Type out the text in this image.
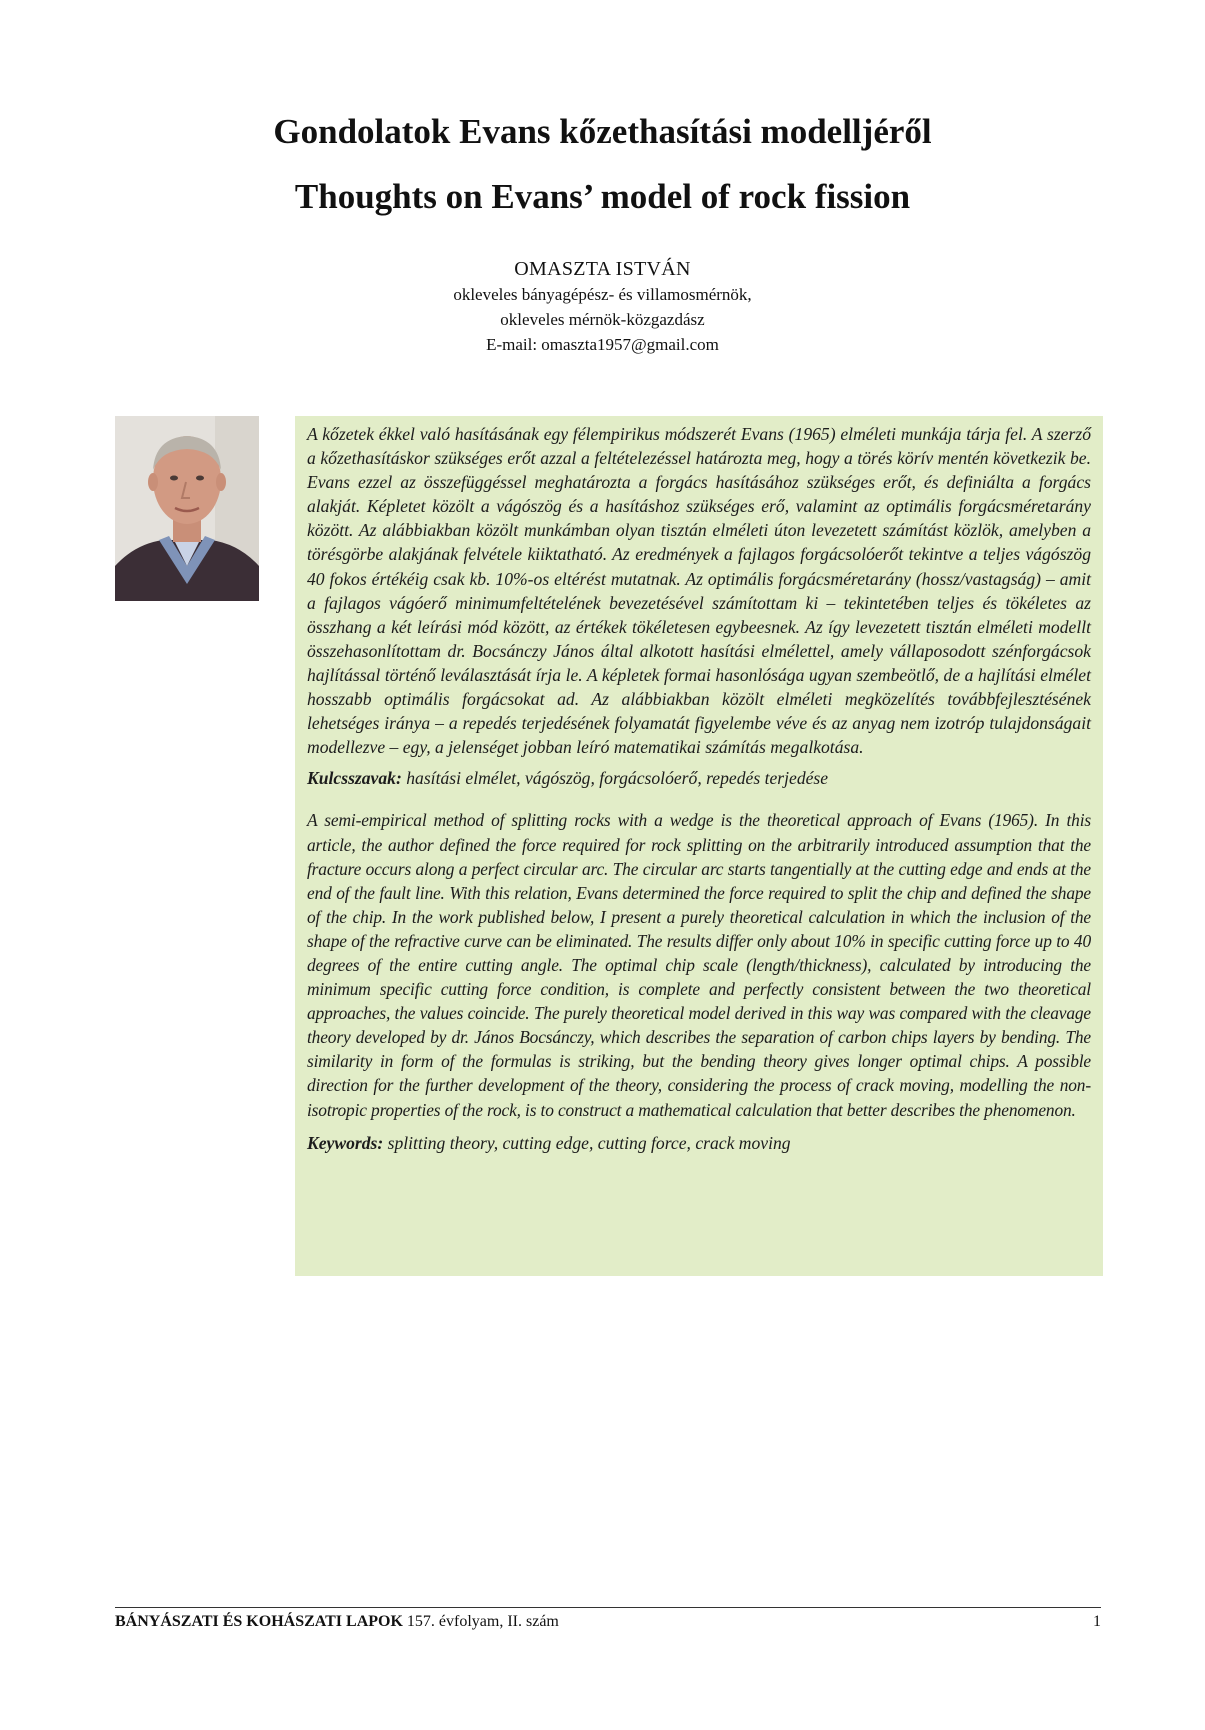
Gondolatok Evans kőzethasítási modelljéről
Thoughts on Evans’ model of rock fission
OMASZTA ISTVÁN
okleveles bányagépész- és villamosmérnök,
okleveles mérnök-közgazdász
E-mail: omaszta1957@gmail.com

A kőzetek ékkel való hasításának egy félempirikus módszerét Evans (1965) elméleti munkája tárja fel. A szerző a kőzethasításkor szükséges erőt azzal a feltételezéssel határozta meg, hogy a törés körív mentén következik be. Evans ezzel az összefüggéssel meghatározta a forgács hasításához szükséges erőt, és definiálta a forgács alakját. Képletet közölt a vágószög és a hasításhoz szükséges erő, valamint az optimális forgácsméretarány között. Az alábbiakban közölt munkámban olyan tisztán elméleti úton levezetett számítást közlök, amelyben a törésgörbe alakjának felvétele kiiktatható. Az eredmények a fajlagos forgácsolóerőt tekintve a teljes vágószög 40 fokos értékéig csak kb. 10%-os eltérést mutatnak. Az optimális forgácsméretarány (hossz/vastagság) – amit a fajlagos vágóerő minimumfeltételének bevezetésével számítottam ki – tekintetében teljes és tökéletes az összhang a két leírási mód között, az értékek tökéletesen egybeesnek. Az így levezetett tisztán elméleti modellt összehasonlítottam dr. Bocsánczy János által alkotott hasítási elmélettel, amely vállaposodott szénforgácsok hajlítással történő leválasztását írja le. A képletek formai hasonlósága ugyan szembeötlő, de a hajlítási elmélet hosszabb optimális forgácsokat ad. Az alábbiakban közölt elméleti megközelítés továbbfejlesztésének lehetséges iránya – a repedés terjedésének folyamatát figyelembe véve és az anyag nem izotróp tulajdonságait modellezve – egy, a jelenséget jobban leíró matematikai számítás megalkotása.

Kulcsszavak: hasítási elmélet, vágószög, forgácsolóerő, repedés terjedése

A semi-empirical method of splitting rocks with a wedge is the theoretical approach of Evans (1965). In this article, the author defined the force required for rock splitting on the arbitrarily introduced assumption that the fracture occurs along a perfect circular arc. The circular arc starts tangentially at the cutting edge and ends at the end of the fault line. With this relation, Evans determined the force required to split the chip and defined the shape of the chip. In the work published below, I present a purely theoretical calculation in which the inclusion of the shape of the refractive curve can be eliminated. The results differ only about 10% in specific cutting force up to 40 degrees of the entire cutting angle. The optimal chip scale (length/thickness), calculated by introducing the minimum specific cutting force condition, is complete and perfectly consistent between the two theoretical approaches, the values coincide. The purely theoretical model derived in this way was compared with the cleavage theory developed by dr. János Bocsánczy, which describes the separation of carbon chips layers by bending. The similarity in form of the formulas is striking, but the bending theory gives longer optimal chips. A possible direction for the further development of the theory, considering the process of crack moving, modelling the non-isotropic properties of the rock, is to construct a mathematical calculation that better describes the phenomenon.

Keywords: splitting theory, cutting edge, cutting force, crack moving

BÁNYÁSZATI ÉS KOHÁSZATI LAPOK 157. évfolyam, II. szám	1
